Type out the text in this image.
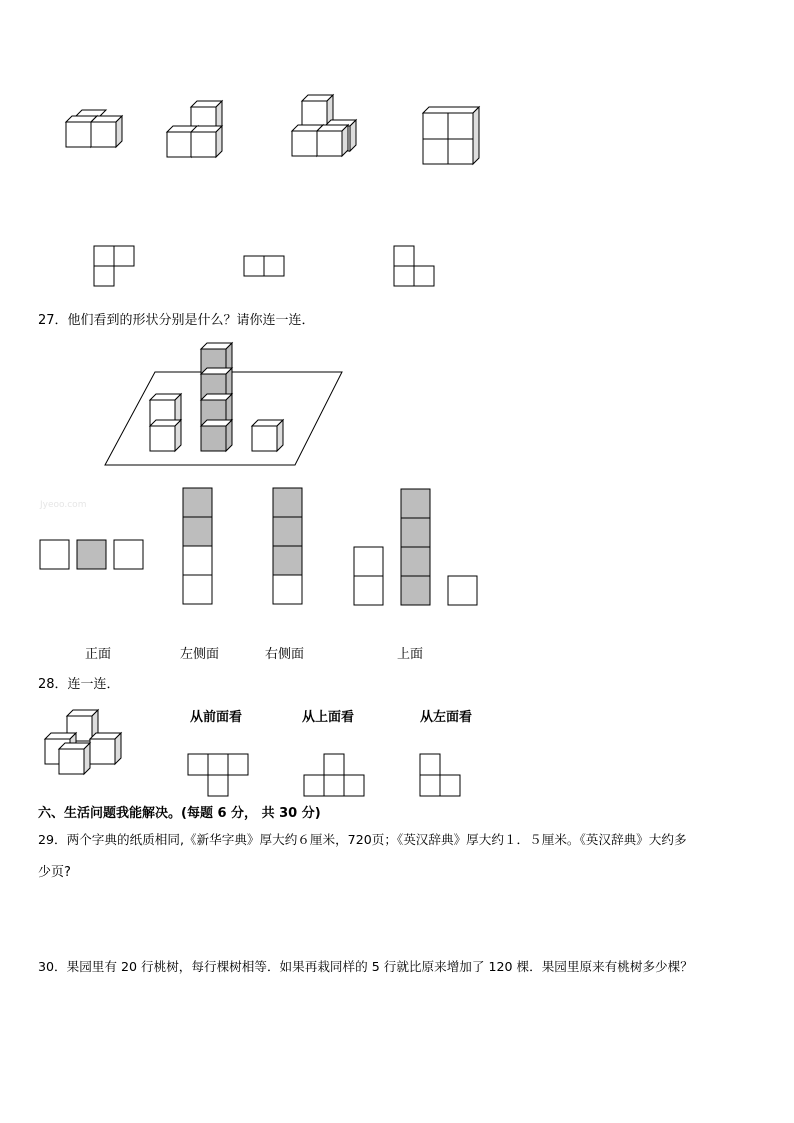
27．他们看到的形状分别是什么？请你连一连．
Jyeoo.com
正面	左侧面	右侧面	上面
28．连一连．
从前面看	从上面看	从左面看
六、生活问题我能解决。(每题 6 分， 共 30 分)
29．两个字典的纸质相同,《新华字典》厚大约６厘米，720页；《英汉辞典》厚大约１．５厘米。《英汉辞典》大约多
少页?
30．果园里有 20 行桃树，每行棵树相等．如果再栽同样的 5 行就比原来增加了 120 棵．果园里原来有桃树多少棵？
